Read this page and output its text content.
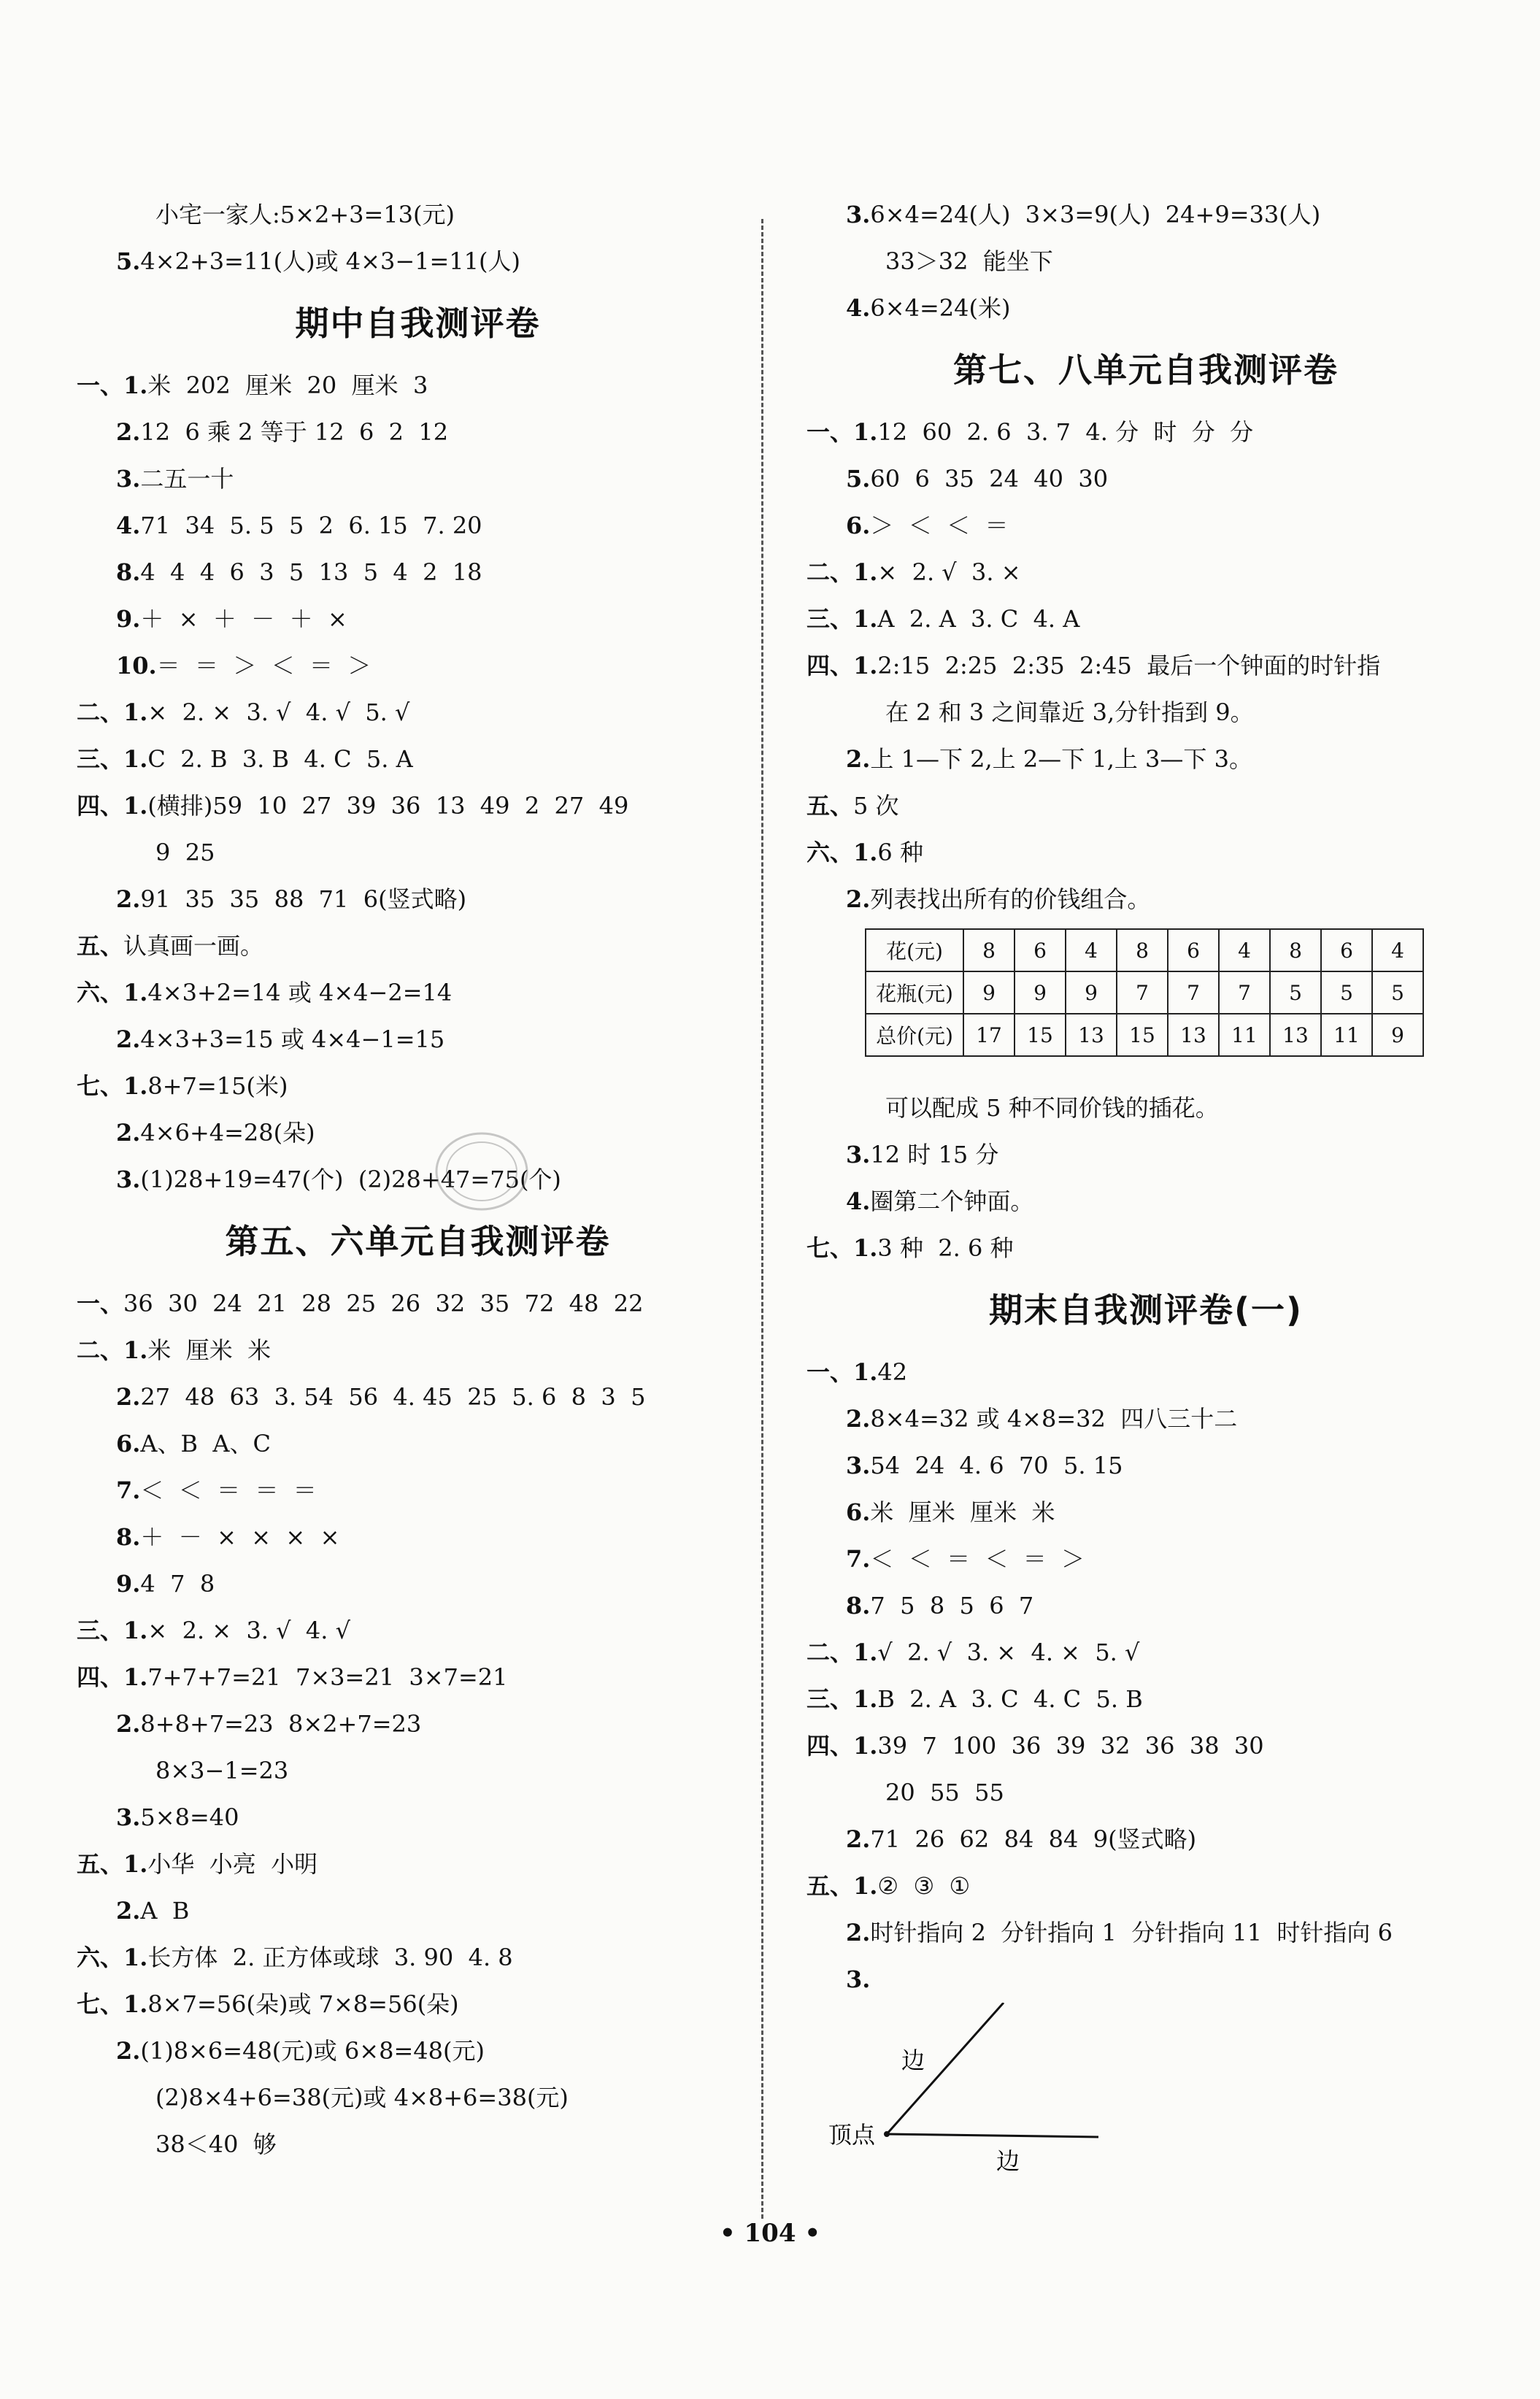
小宅一家人:5×2+3=13(元)
5.4×2+3=11(人)或 4×3−1=11(人)
期中自我测评卷
一、1.米  202  厘米  20  厘米  3
2.12  6 乘 2 等于 12  6  2  12
3.二五一十
4.71  34  5. 5  5  2  6. 15  7. 20
8.4  4  4  6  3  5  13  5  4  2  18
9.＋  ×  ＋  －  ＋  ×
10.＝  ＝  ＞  ＜  ＝  ＞
二、1.×  2. ×  3. √  4. √  5. √
三、1.C  2. B  3. B  4. C  5. A
四、1.(横排)59  10  27  39  36  13  49  2  27  49
9  25
2.91  35  35  88  71  6(竖式略)
五、认真画一画。
六、1.4×3+2=14 或 4×4−2=14
2.4×3+3=15 或 4×4−1=15
七、1.8+7=15(米)
2.4×6+4=28(朵)
3.(1)28+19=47(个)  (2)28+47=75(个)
第五、六单元自我测评卷
一、36  30  24  21  28  25  26  32  35  72  48  22
二、1.米  厘米  米
2.27  48  63  3. 54  56  4. 45  25  5. 6  8  3  5
6.A、B  A、C
7.＜  ＜  ＝  ＝  ＝
8.＋  －  ×  ×  ×  ×
9.4  7  8
三、1.×  2. ×  3. √  4. √
四、1.7+7+7=21  7×3=21  3×7=21
2.8+8+7=23  8×2+7=23
8×3−1=23
3.5×8=40
五、1.小华  小亮  小明
2.A  B
六、1.长方体  2. 正方体或球  3. 90  4. 8
七、1.8×7=56(朵)或 7×8=56(朵)
2.(1)8×6=48(元)或 6×8=48(元)
(2)8×4+6=38(元)或 4×8+6=38(元)
38＜40  够
3.6×4=24(人)  3×3=9(人)  24+9=33(人)
33＞32  能坐下
4.6×4=24(米)
第七、八单元自我测评卷
一、1.12  60  2. 6  3. 7  4. 分  时  分  分
5.60  6  35  24  40  30
6.＞  ＜  ＜  ＝
二、1.×  2. √  3. ×
三、1.A  2. A  3. C  4. A
四、1.2:15  2:25  2:35  2:45  最后一个钟面的时针指
在 2 和 3 之间靠近 3,分针指到 9。
2.上 1—下 2,上 2—下 1,上 3—下 3。
五、5 次
六、1.6 种
2.列表找出所有的价钱组合。
花(元)	8	6	4	8	6	4	8	6	4
花瓶(元)	9	9	9	7	7	7	5	5	5
总价(元)	17	15	13	15	13	11	13	11	9
可以配成 5 种不同价钱的插花。
3.12 时 15 分
4.圈第二个钟面。
七、1.3 种  2. 6 种
期末自我测评卷(一)
一、1.42
2.8×4=32 或 4×8=32  四八三十二
3.54  24  4. 6  70  5. 15
6.米  厘米  厘米  米
7.＜  ＜  ＝  ＜  ＝  ＞
8.7  5  8  5  6  7
二、1.√  2. √  3. ×  4. ×  5. √
三、1.B  2. A  3. C  4. C  5. B
四、1.39  7  100  36  39  32  36  38  30
20  55  55
2.71  26  62  84  84  9(竖式略)
五、1.②  ③  ①
2.时针指向 2  分针指向 1  分针指向 11  时针指向 6
3.
边
边
顶点
• 104 •
